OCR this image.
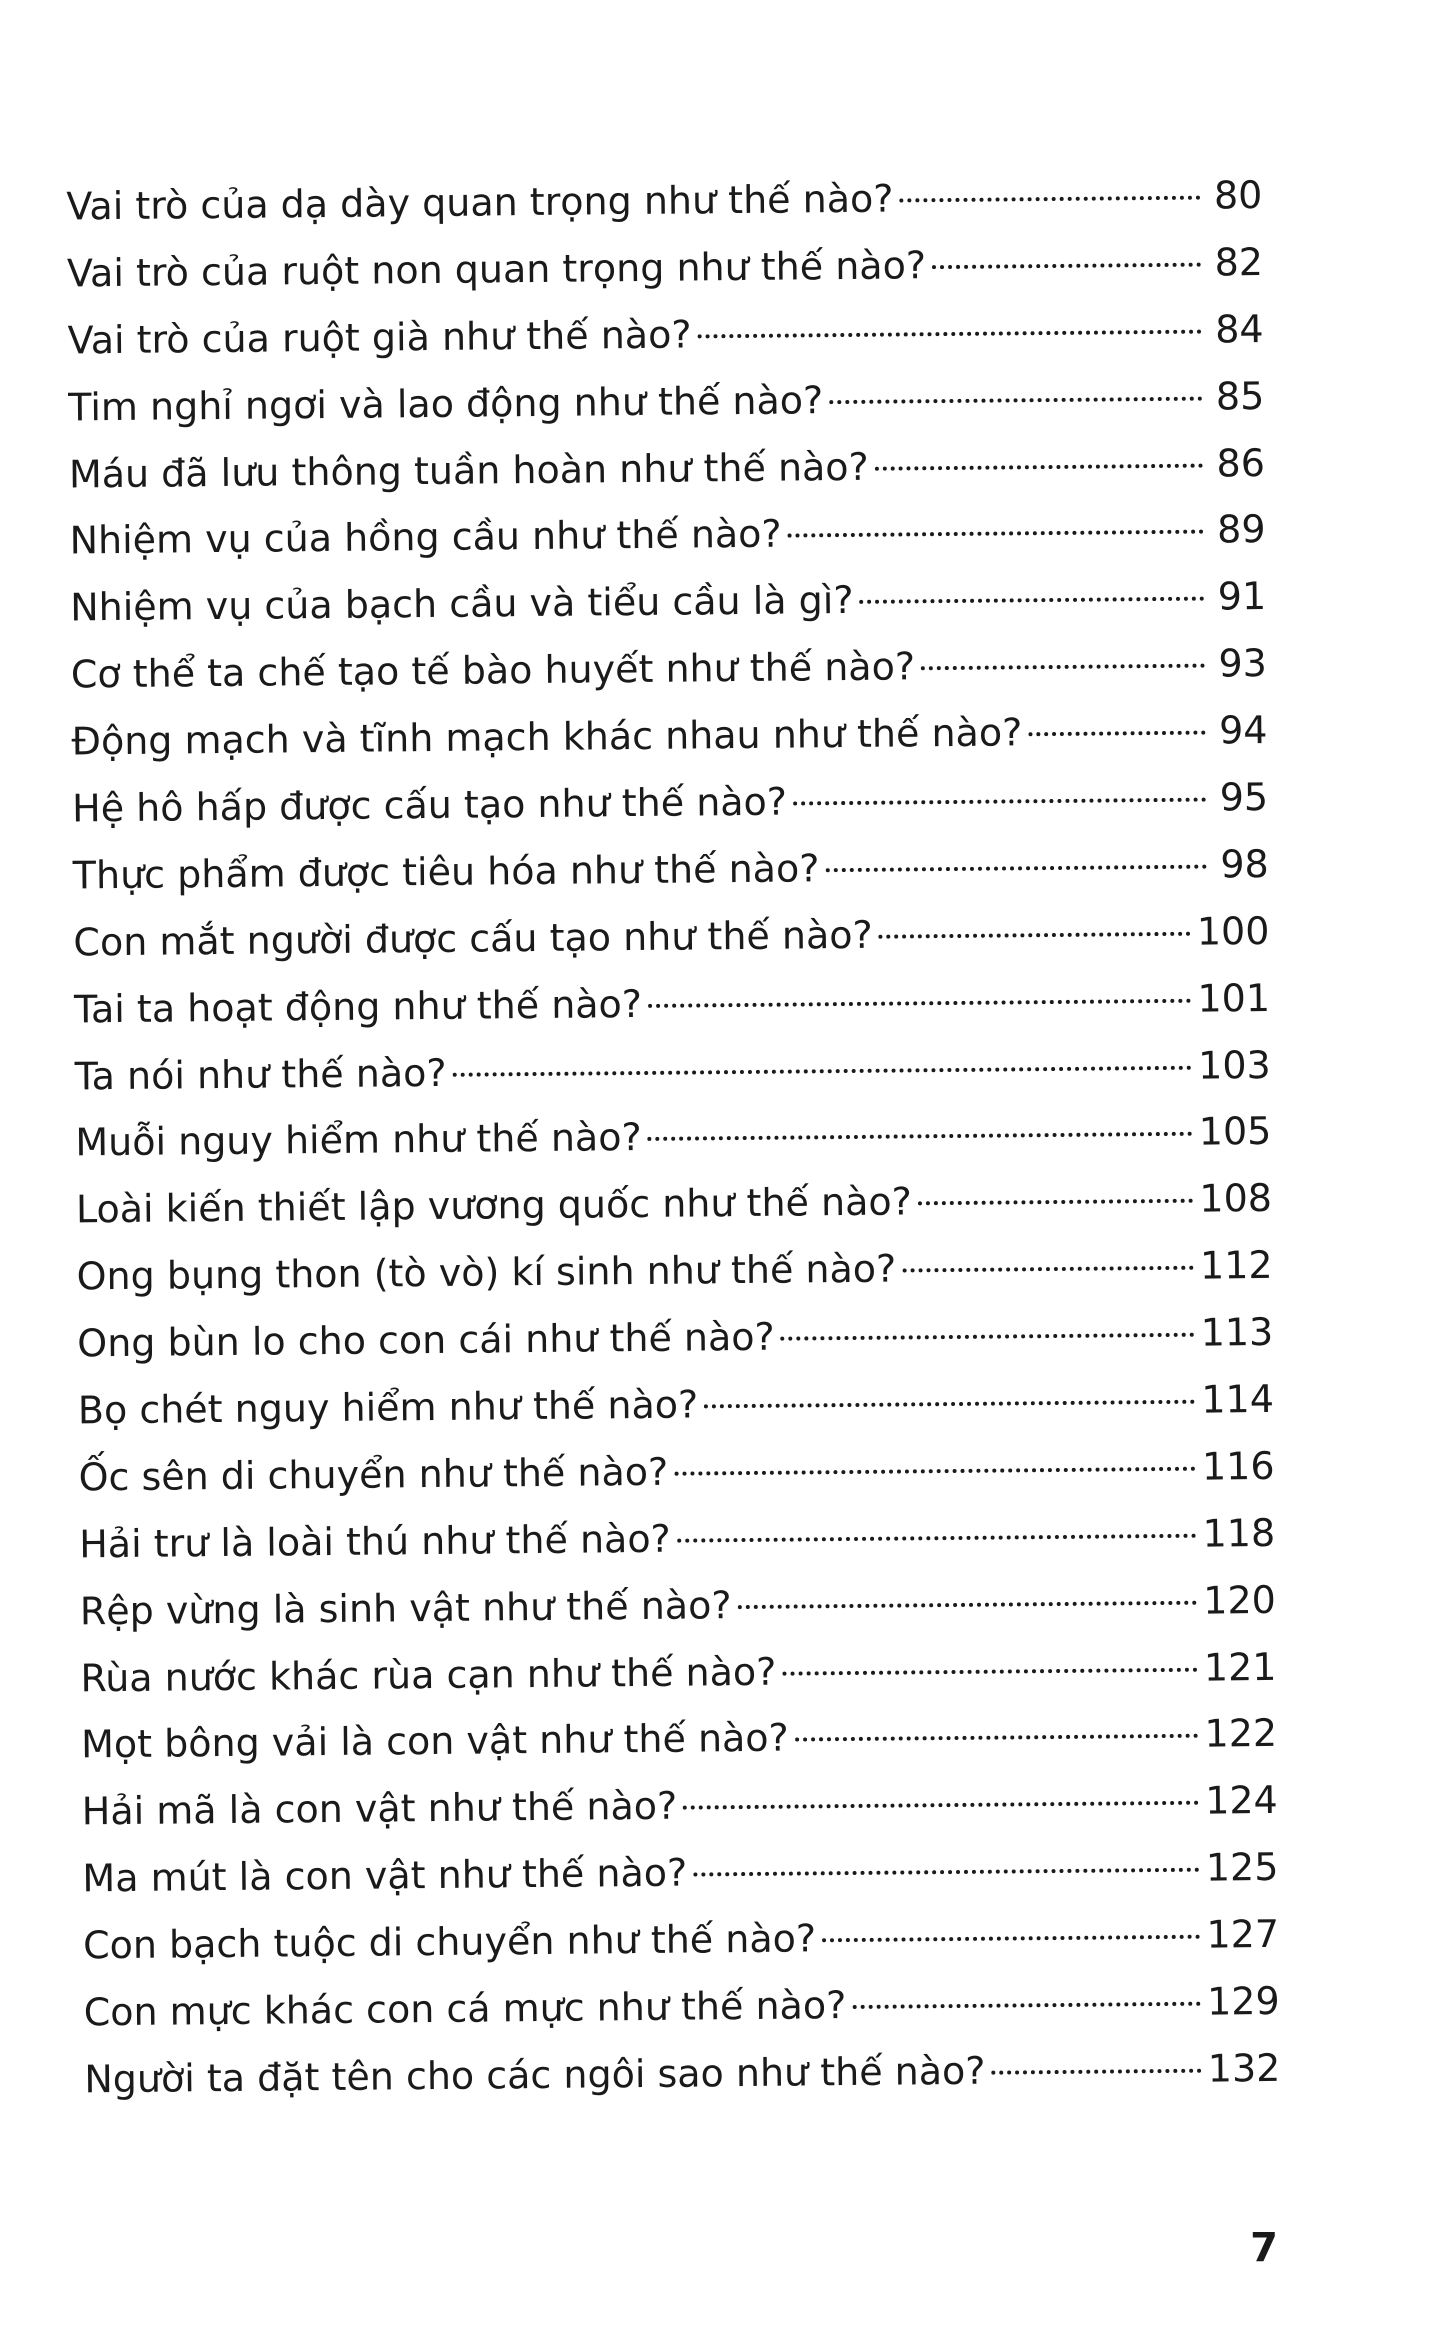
Vai trò của dạ dày quan trọng như thế nào?	80
Vai trò của ruột non quan trọng như thế nào?	82
Vai trò của ruột già như thế nào?	84
Tim nghỉ ngơi và lao động như thế nào?	85
Máu đã lưu thông tuần hoàn như thế nào?	86
Nhiệm vụ của hồng cầu như thế nào?	89
Nhiệm vụ của bạch cầu và tiểu cầu là gì?	91
Cơ thể ta chế tạo tế bào huyết như thế nào?	93
Động mạch và tĩnh mạch khác nhau như thế nào?	94
Hệ hô hấp được cấu tạo như thế nào?	95
Thực phẩm được tiêu hóa như thế nào?	98
Con mắt người được cấu tạo như thế nào?	100
Tai ta hoạt động như thế nào?	101
Ta nói như thế nào?	103
Muỗi nguy hiểm như thế nào?	105
Loài kiến thiết lập vương quốc như thế nào?	108
Ong bụng thon (tò vò) kí sinh như thế nào?	112
Ong bùn lo cho con cái như thế nào?	113
Bọ chét nguy hiểm như thế nào?	114
Ốc sên di chuyển như thế nào?	116
Hải trư là loài thú như thế nào?	118
Rệp vừng là sinh vật như thế nào?	120
Rùa nước khác rùa cạn như thế nào?	121
Mọt bông vải là con vật như thế nào?	122
Hải mã là con vật như thế nào?	124
Ma mút là con vật như thế nào?	125
Con bạch tuộc di chuyển như thế nào?	127
Con mực khác con cá mực như thế nào?	129
Người ta đặt tên cho các ngôi sao như thế nào?	132
7
